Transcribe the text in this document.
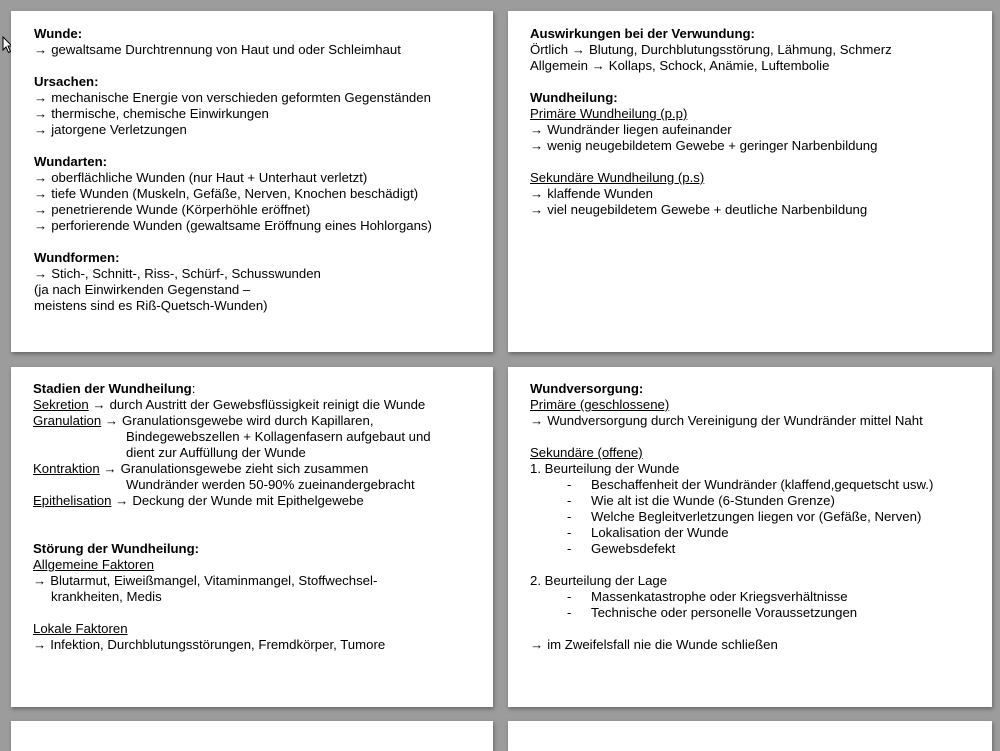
Wunde:
→ gewaltsame Durchtrennung von Haut und oder Schleimhaut
Ursachen:
→ mechanische Energie von verschieden geformten Gegenständen
→ thermische, chemische Einwirkungen
→ jatorgene Verletzungen
Wundarten:
→ oberflächliche Wunden (nur Haut + Unterhaut verletzt)
→ tiefe Wunden (Muskeln, Gefäße, Nerven, Knochen beschädigt)
→ penetrierende Wunde (Körperhöhle eröffnet)
→ perforierende Wunden (gewaltsame Eröffnung eines Hohlorgans)
Wundformen:
→ Stich-, Schnitt-, Riss-, Schürf-, Schusswunden
(ja nach Einwirkenden Gegenstand –
meistens sind es Riß-Quetsch-Wunden)
Auswirkungen bei der Verwundung:
Örtlich → Blutung, Durchblutungsstörung, Lähmung, Schmerz
Allgemein → Kollaps, Schock, Anämie, Luftembolie
Wundheilung:
Primäre Wundheilung (p.p)
→ Wundränder liegen aufeinander
→ wenig neugebildetem Gewebe + geringer Narbenbildung
Sekundäre Wundheilung (p.s)
→ klaffende Wunden
→ viel neugebildetem Gewebe + deutliche Narbenbildung
Stadien der Wundheilung:
Sekretion → durch Austritt der Gewebsflüssigkeit reinigt die Wunde
Granulation → Granulationsgewebe wird durch Kapillaren,
Bindegewebszellen + Kollagenfasern aufgebaut und
dient zur Auffüllung der Wunde
Kontraktion → Granulationsgewebe zieht sich zusammen
Wundränder werden 50-90% zueinandergebracht
Epithelisation → Deckung der Wunde mit Epithelgewebe
Störung der Wundheilung:
Allgemeine Faktoren
→ Blutarmut, Eiweißmangel, Vitaminmangel, Stoffwechsel-
krankheiten, Medis
Lokale Faktoren
→ Infektion, Durchblutungsstörungen, Fremdkörper, Tumore
Wundversorgung:
Primäre (geschlossene)
→ Wundversorgung durch Vereinigung der Wundränder mittel Naht
Sekundäre (offene)
1. Beurteilung der Wunde
- Beschaffenheit der Wundränder (klaffend,gequetscht usw.)
- Wie alt ist die Wunde (6-Stunden Grenze)
- Welche Begleitverletzungen liegen vor (Gefäße, Nerven)
- Lokalisation der Wunde
- Gewebsdefekt
2. Beurteilung der Lage
- Massenkatastrophe oder Kriegsverhältnisse
- Technische oder personelle Voraussetzungen
→ im Zweifelsfall nie die Wunde schließen
